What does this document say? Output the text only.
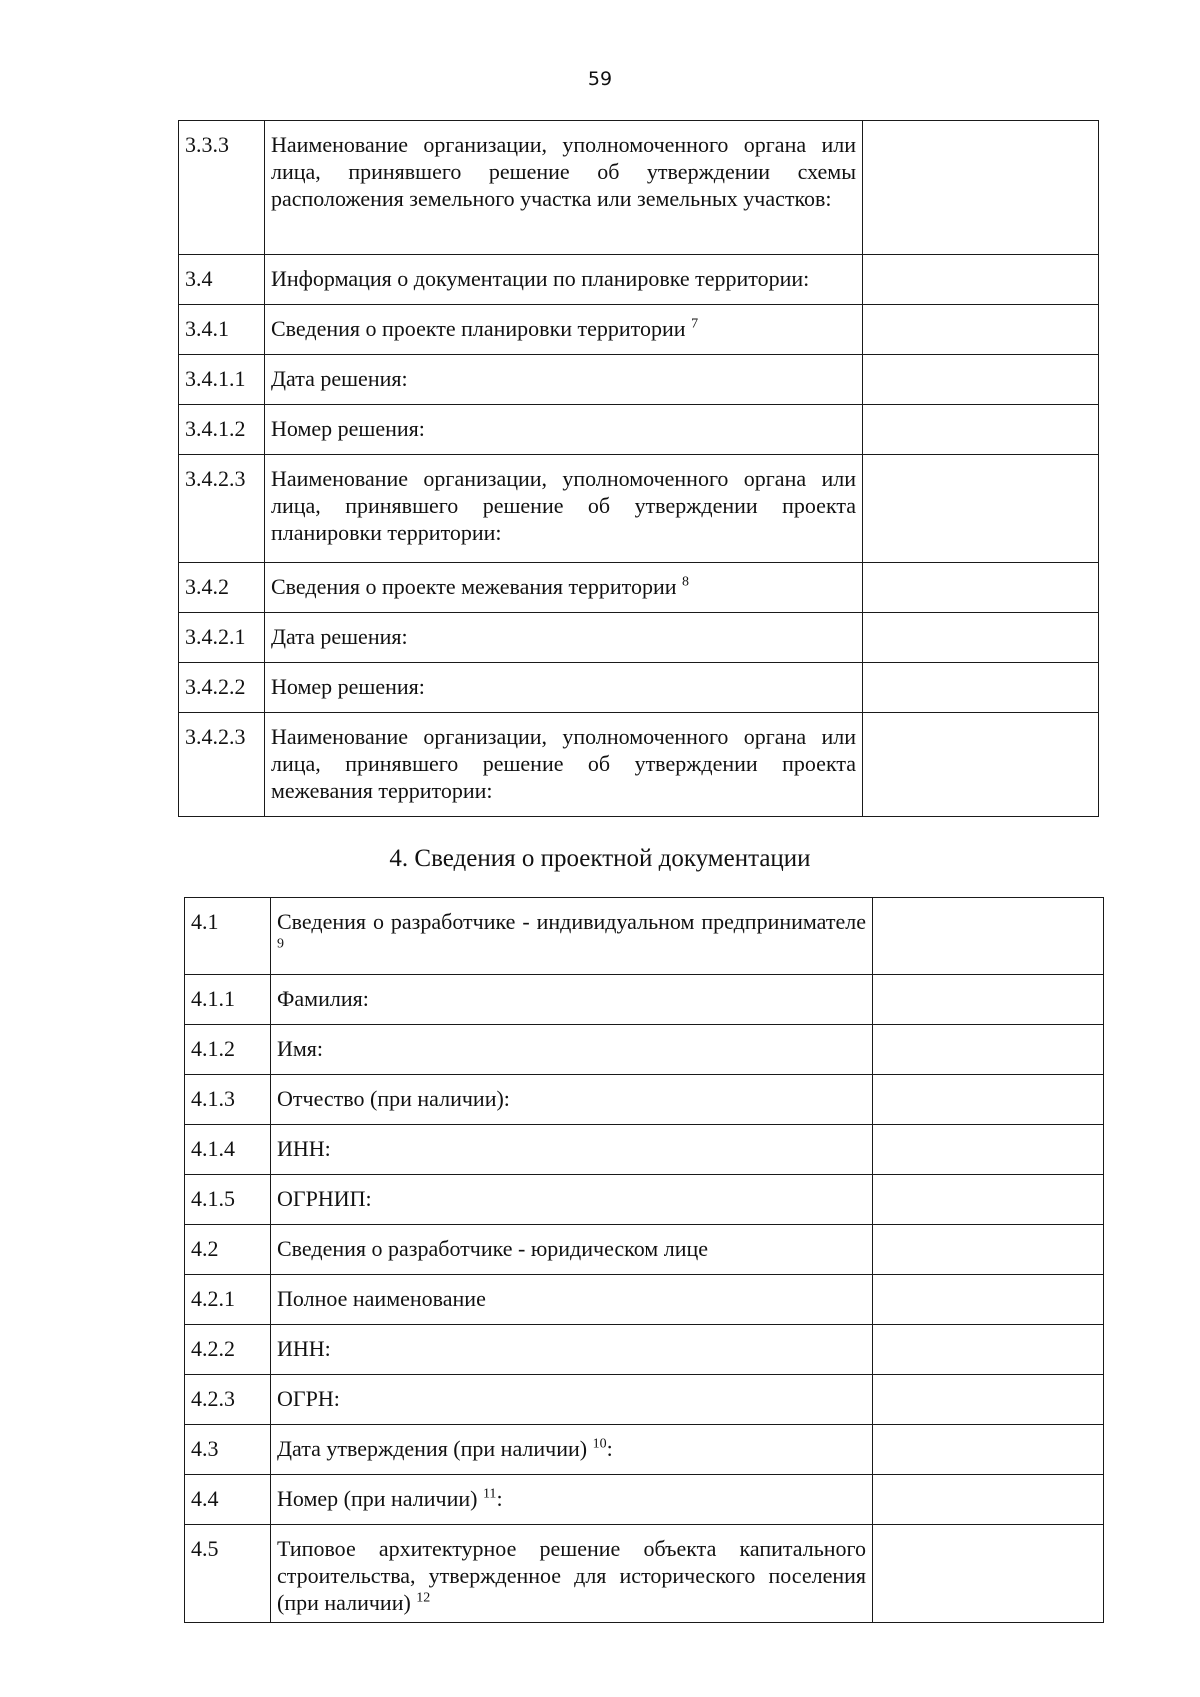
59
3.3.3	Наименование организации, уполномоченного органа или лица, принявшего решение об утверждении схемы расположения земельного участка или земельных участков:	
3.4	Информация о документации по планировке территории:	
3.4.1	Сведения о проекте планировки территории $^7$	
3.4.1.1	Дата решения:	
3.4.1.2	Номер решения:	
3.4.2.3	Наименование организации, уполномоченного органа или лица, принявшего решение об утверждении проекта планировки территории:	
3.4.2	Сведения о проекте межевания территории $^8$	
3.4.2.1	Дата решения:	
3.4.2.2	Номер решения:	
3.4.2.3	Наименование организации, уполномоченного органа или лица, принявшего решение об утверждении проекта межевания территории:	
4. Сведения о проектной документации
4.1	Сведения о разработчике - индивидуальном предпринимателе $^9$	
4.1.1	Фамилия:	
4.1.2	Имя:	
4.1.3	Отчество (при наличии):	
4.1.4	ИНН:	
4.1.5	ОГРНИП:	
4.2	Сведения о разработчике - юридическом лице	
4.2.1	Полное наименование	
4.2.2	ИНН:	
4.2.3	ОГРН:	
4.3	Дата утверждения (при наличии) $^{10}$:	
4.4	Номер (при наличии) $^{11}$:	
4.5	Типовое архитектурное решение объекта капитального строительства, утвержденное для исторического поселения (при наличии) $^{12}$	
